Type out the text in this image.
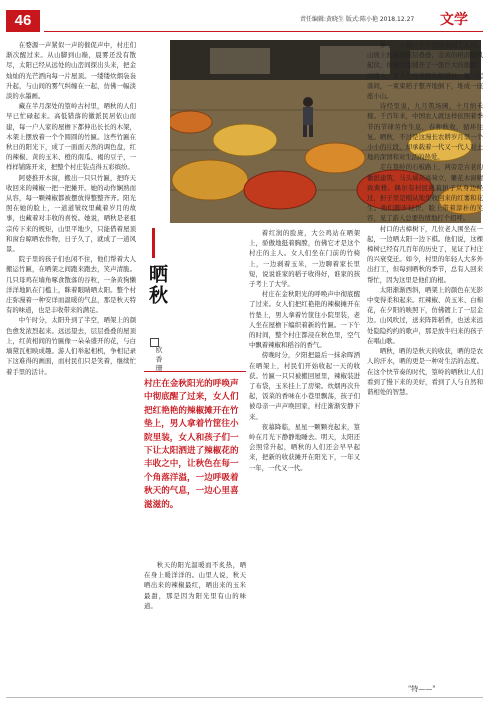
46	责任编辑:黄晓生 版式:陈小艳 2018.12.27	文学
晒秋
欧 香 珊
村庄在金秋阳光的呼唤声中彻底醒了过来，女人们把红艳艳的辣椒摊开在竹垫上，男人拿着竹筐往小院里装，女人和孩子们一下让太阳洒进了辣椒花的丰收之中，让秋色在每一个角落洋溢，一边呼吸着秋天的气息，一边心里喜滋滋的。

在婺源一声紧似一声的催促声中，村庄们渐次醒过来。从山脚到山巅，晨雾还没有散尽，太阳已经从远处的山峦间探出头来，把金灿灿的光芒洒向每一片屋顶。一缕缕炊烟袅袅升起，与山间的雾气纠缠在一起，仿佛一幅淡淡的水墨画。

藏在半月深处的篁岭古村里，晒秋的人们早已忙碌起来。高低错落的徽派民居依山而建，每一户人家的屋檐下都伸出长长的木架，木架上摆放着一个个圆圆的竹匾。这些竹匾在秋日的阳光下，成了一面面天然的调色盘，红的辣椒、黄的玉米、橙的南瓜、褐的豆子，一样样铺陈开来，把整个村庄装点得五彩缤纷。

阿婆推开木窗，搬出一只只竹匾，把昨天收回来的辣椒一把一把摊开。她的动作娴熟而从容，每一颗辣椒都被摆放得整整齐齐。阳光照在她的脸上，一道道皱纹里藏着岁月的故事，也藏着对丰收的喜悦。她说，晒秋是老祖宗传下来的规矩，山里平地少，只能借着屋顶和窗台晾晒农作物，日子久了，就成了一道风景。

院子里的孩子们也闲不住，他们帮着大人搬运竹匾，在晒架之间跑来跑去，笑声清脆。几只母鸡在墙角啄食散落的谷粒，一条黄狗懒洋洋地趴在门槛上，眯着眼睛晒太阳。整个村庄弥漫着一种安详而温暖的气息，那是秋天特有的味道，也是丰收带来的满足。

中午时分，太阳升到了半空，晒架上的颜色愈发浓烈起来。远远望去，层层叠叠的屋顶上，红黄相间的竹匾像一朵朵盛开的花，与白墙黛瓦相映成趣。游人们举起相机，争相记录下这难得的画面，而村民们只是笑着，继续忙着手里的活计。

着红润的脸庞，大公鸡站在晒架上，骄傲地挺着胸膛，仿佛它才是这个村庄的主人。女人们坐在门前的竹椅上，一边剥着玉米，一边聊着家长里短，说说谁家的稻子收得好，谁家的孩子考上了大学。

村庄在金秋阳光的呼唤声中彻底醒了过来。女人们把红艳艳的辣椒摊开在竹垫上，男人拿着竹筐往小院里装，老人坐在屋檐下编织着新的竹匾。一下午的时间，整个村庄都浸在秋色里，空气中飘着辣椒和稻谷的香气。

傍晚时分，夕阳把最后一抹余晖洒在晒架上，村民们开始收起一天的收获。竹匾一只只被搬回屋里，辣椒装进了布袋，玉米挂上了房梁。炊烟再次升起，饭菜的香味在小巷里飘荡，孩子们被母亲一声声唤回家，村庄渐渐安静下来。

夜幕降临，星星一颗颗亮起来，篁岭在月光下静静地睡去。明天，太阳还会照常升起，晒秋的人们还会早早起来，把新的收获摊开在阳光下，一年又一年，一代又一代。

秋天的阳光温暖而不炙热，晒在身上暖洋洋的。山里人说，秋天晒出来的辣椒最红，晒出来的玉米最甜，那是因为阳光里有山的味道。

棒子，太阳一下子就降临到了人间。山坡上的梯田层层叠叠，金黄的稻浪随风起伏，仿佛大地铺开了一张巨大的地毯。田埂上，农人们弯着腰收割稻谷，镰刀起落间，一束束稻子整齐地倒下，堆成一座座小山。

诗经里说，九月筑场圃，十月纳禾稼。千百年来，中国农人就这样依照着季节的节律劳作生息，春种秋收，循环往复。晒秋，不过是这漫长农耕岁月里一个小小的片段，却承载着一代又一代人对土地的深情和对生活的热爱。

走在篁岭的石板路上，两旁是古老的徽派建筑，马头墙高高耸立，雕花木窗精致典雅。偶尔有村民挑着担子从身边经过，担子里是刚从地里收回来的红薯和花生。他们脚步轻快，脸上带着淳朴的笑容，见了游人总要热情地打个招呼。

村口的古樟树下，几位老人围坐在一起，一边晒太阳一边下棋。他们说，这棵樟树已经有几百年的历史了，见证了村庄的兴衰变迁。如今，村里的年轻人大多外出打工，但每到晒秋的季节，总有人回来帮忙，因为这里是他们的根。

太阳渐渐西斜，晒架上的颜色在光影中变得柔和起来。红辣椒、黄玉米、白棉花，在夕阳的映照下，仿佛镀上了一层金边。山风吹过，送来阵阵稻香，也送来远处隐隐约约的歌声，那是放牛归来的孩子在唱山歌。

晒秋，晒的是秋天的收获，晒的是农人的汗水，晒的更是一种对生活的态度。在这个快节奏的时代，篁岭的晒秋让人们看到了慢下来的美好，看到了人与自然和谐相处的智慧。

"特——"
